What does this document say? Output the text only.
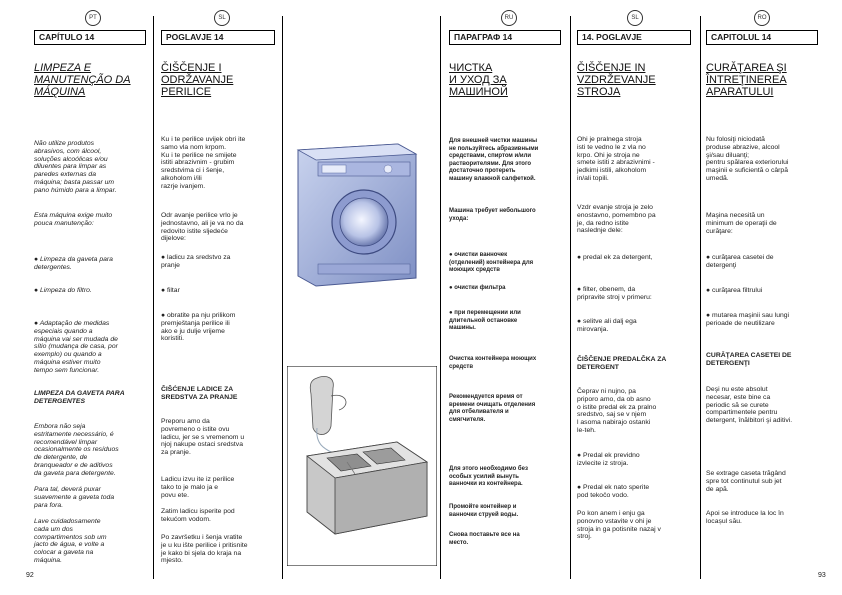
PT
CAPÍTULO 14
LIMPEZA E
MANUTENÇÃO DA
MÁQUINA
Não utilize produtos
abrasivos, com álcool,
soluções alcoólicas e/ou
diluentes para limpar as
paredes externas da
máquina; basta passar um
pano húmido para a limpar.
Esta máquina exige muito
pouca manutenção:
● Limpeza da gaveta para
detergentes.
● Limpeza do filtro.
● Adaptação de medidas
especiais quando a
máquina vai ser mudada de
sítio (mudança de casa, por
exemplo) ou quando a
máquina estiver muito
tempo sem funcionar.
LIMPEZA DA GAVETA PARA
DETERGENTES
Embora não seja
estritamente necessário, é
recomendável limpar
ocasionalmente os resíduos
de detergente, de
branqueador e de aditivos
da gaveta para detergente.
Para tal, deverá puxar
suavemente a gaveta toda
para fora.
Lave cuidadosamente
cada um dos
compartimentos sob um
jacto de água, e volte a
colocar a gaveta na
máquina.
SL
POGLAVJE 14
ČIŠČENJE I
ODRŽAVANJE
PERILICE
Ku i te perilice uvijek obri ite
samo vla nom krpom.
Ku i te perilice ne smijete
istiti abrazivnim - grubim
sredstvima ci i šenje,
alkoholom i/ili
razrje ivanjem.
Odr avanje perilice vrlo je
jednostavno, ali je va no da
redovito istite sljedeće
dijelove:
● ladicu za sredstvo za
pranje
● filtar
● obratite pa nju prilikom
premještanja perilice ili
ako e ju dulje vrijeme
koristiti.
ČIŠĆENJE LADICE ZA
SREDSTVA ZA PRANJE
Preporu amo da
povremeno o istite ovu
ladicu, jer se s vremenom u
njoj nakupe ostaci sredstva
za pranje.
Ladicu izvu ite iz perilice
tako to je malo ja e
povu ete.
Zatim ladicu isperite pod
tekućom vodom.
Po završetku i šenja vratite
je u ku ište perilice i pritisnite
je kako bi sjela do kraja na
mjesto.
RU
ПАРАГРАФ 14
ЧИСТКА
И УХОД ЗА
МАШИНОЙ
Для внешней чистки машины
не пользуйтесь абразивными
средствами, спиртом и/или
растворителями. Для этого
достаточно протереть
машину влажной салфеткой.
Машина требует небольшого
ухода:
● очистки ванночек
(отделений) контейнера для
моющих средств
● очистки фильтра
● при перемещении или
длительной остановке
машины.
Очистка контейнера моющих
средств
Рекомендуется время от
времени очищать отделения
для отбеливателя и
смягчителя.
Для этого необходимо без
особых усилий вынуть
ванночки из контейнера.
Промойте контейнер и
ванночки струей воды.
Снова поставьте все на
место.
SL
14. POGLAVJE
ČIŠČENJE IN
VZDRŽEVANJE
STROJA
Ohi je pralnega stroja
isti te vedno le z vla no
krpo. Ohi je stroja ne
smete istiti z abrazivnimi -
jedkimi istili, alkoholom
in/ali topili.
Vzdr evanje stroja je zelo
enostavno, pomembno pa
je, da redno istite
naslednje dele:
● predal ek za detergent,
● filter, obenem, da
pripravite stroj v primeru:
● selitve ali dalj ega
mirovanja.
ČIŠČENJE PREDALČKA ZA
DETERGENT
Čeprav ni nujno, pa
priporo amo, da ob asno
o istite predal ek za pralno
sredstvo, saj se v njem
l asoma nabirajo ostanki
le-teh.
● Predal ek previdno
izvlecite iz stroja.
● Predal ek nato sperite
pod tekočo vodo.
Po kon anem i enju ga
ponovno vstavite v ohi je
stroja in ga potisnite nazaj v
stroj.
RO
CAPITOLUL 14
CURĂŢAREA ŞI
ÎNTREŢINEREA
APARATULUI
Nu folosiţi niciodată
produse abrazive, alcool
şi/sau diluanţi;
pentru spălarea exteriorului
maşinii e suficientă o cârpă
umedă.
Maşina necesită un
minimum de operaţii de
curăţare:
● curăţarea casetei de
detergenţi
● curăţarea filtrului
● mutarea maşinii sau lungi
perioade de neutilizare
CURĂŢAREA CASETEI DE
DETERGENŢI
Deşi nu este absolut
necesar, este bine ca
periodic să se curete
compartimentele pentru
detergent, înălbitori şi aditivi.
Se extrage caseta trăgând
spre tot continutul sub jet
de apă.
Apoi se introduce la loc în
locașul său.
92	93
